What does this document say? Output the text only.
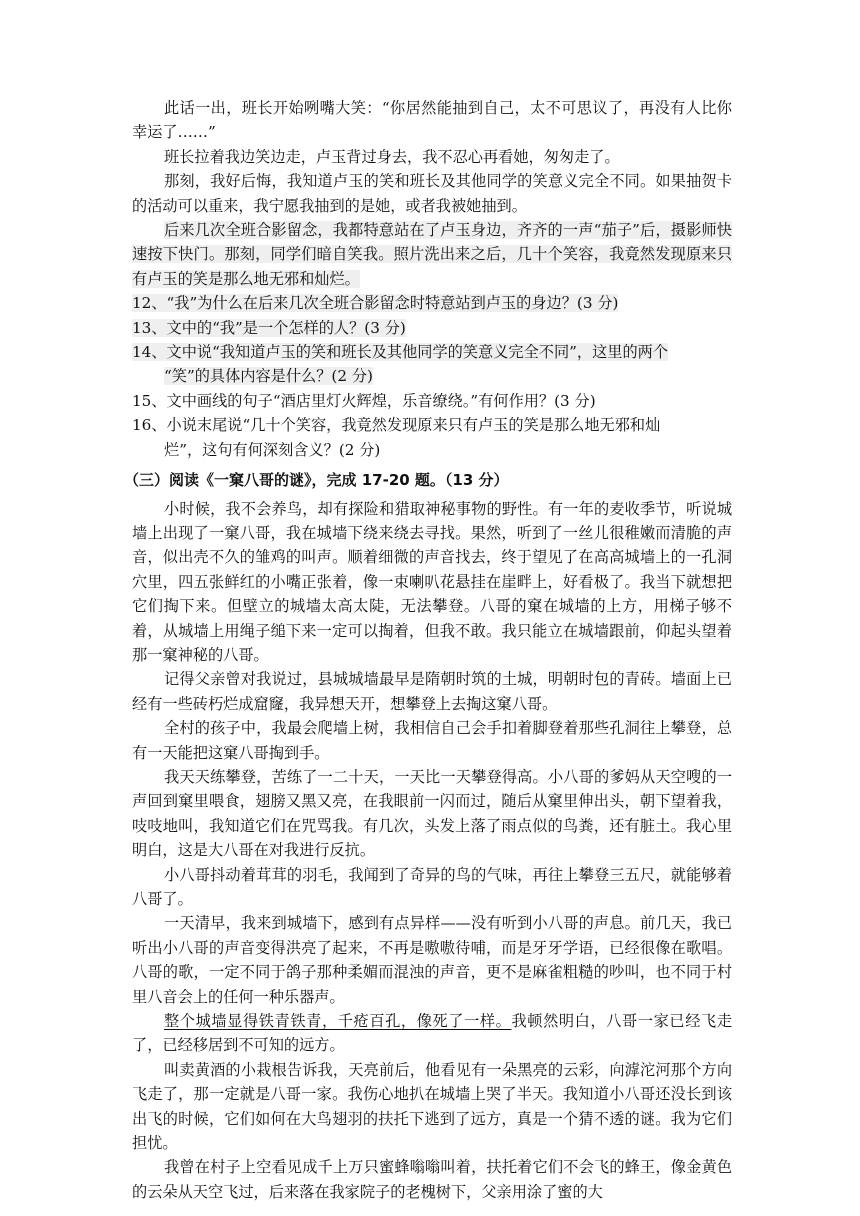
此话一出，班长开始咧嘴大笑：“你居然能抽到自己，太不可思议了，再没有人比你幸运了……”

班长拉着我边笑边走，卢玉背过身去，我不忍心再看她，匆匆走了。

那刻，我好后悔，我知道卢玉的笑和班长及其他同学的笑意义完全不同。如果抽贺卡的活动可以重来，我宁愿我抽到的是她，或者我被她抽到。

后来几次全班合影留念，我都特意站在了卢玉身边，齐齐的一声“茄子”后，摄影师快速按下快门。那刻，同学们暗自笑我。照片洗出来之后，几十个笑容，我竟然发现原来只有卢玉的笑是那么地无邪和灿烂。

12、“我”为什么在后来几次全班合影留念时特意站到卢玉的身边？(3 分)

13、文中的“我”是一个怎样的人？(3 分)

14、文中说“我知道卢玉的笑和班长及其他同学的笑意义完全不同”，这里的两个
“笑”的具体内容是什么？(2 分)

15、文中画线的句子“酒店里灯火辉煌，乐音缭绕。”有何作用？(3 分)

16、小说末尾说“几十个笑容，我竟然发现原来只有卢玉的笑是那么地无邪和灿
烂”，这句有何深刻含义？(2 分)

（三）阅读《一窠八哥的谜》，完成 17-20 题。（13 分）

小时候，我不会养鸟，却有探险和猎取神秘事物的野性。有一年的麦收季节，听说城墙上出现了一窠八哥，我在城墙下绕来绕去寻找。果然，听到了一丝儿很稚嫩而清脆的声音，似出壳不久的雏鸡的叫声。顺着细微的声音找去，终于望见了在高高城墙上的一孔洞穴里，四五张鲜红的小嘴正张着，像一束喇叭花悬挂在崖畔上，好看极了。我当下就想把它们掏下来。但壁立的城墙太高太陡，无法攀登。八哥的窠在城墙的上方，用梯子够不着，从城墙上用绳子缒下来一定可以掏着，但我不敢。我只能立在城墙跟前，仰起头望着那一窠神秘的八哥。

记得父亲曾对我说过，县城城墙最早是隋朝时筑的土城，明朝时包的青砖。墙面上已经有一些砖朽烂成窟窿，我异想天开，想攀登上去掏这窠八哥。

全村的孩子中，我最会爬墙上树，我相信自己会手扣着脚登着那些孔洞往上攀登，总有一天能把这窠八哥掏到手。

我天天练攀登，苦练了一二十天，一天比一天攀登得高。小八哥的爹妈从天空嗖的一声回到窠里喂食，翅膀又黑又亮，在我眼前一闪而过，随后从窠里伸出头，朝下望着我，吱吱地叫，我知道它们在咒骂我。有几次，头发上落了雨点似的鸟粪，还有脏土。我心里明白，这是大八哥在对我进行反抗。

小八哥抖动着茸茸的羽毛，我闻到了奇异的鸟的气味，再往上攀登三五尺，就能够着八哥了。

一天清早，我来到城墙下，感到有点异样——没有听到小八哥的声息。前几天，我已听出小八哥的声音变得洪亮了起来，不再是嗷嗷待哺，而是牙牙学语，已经很像在歌唱。八哥的歌，一定不同于鸽子那种柔媚而混浊的声音，更不是麻雀粗糙的吵叫，也不同于村里八音会上的任何一种乐器声。

整个城墙显得铁青铁青，千疮百孔，像死了一样。我顿然明白，八哥一家已经飞走了，已经移居到不可知的远方。

叫卖黄酒的小栽根告诉我，天亮前后，他看见有一朵黑亮的云彩，向滹沱河那个方向飞走了，那一定就是八哥一家。我伤心地扒在城墙上哭了半天。我知道小八哥还没长到该出飞的时候，它们如何在大鸟翅羽的扶托下逃到了远方，真是一个猜不透的谜。我为它们担忧。

我曾在村子上空看见成千上万只蜜蜂嗡嗡叫着，扶托着它们不会飞的蜂王，像金黄色的云朵从天空飞过，后来落在我家院子的老槐树下，父亲用涂了蜜的大
